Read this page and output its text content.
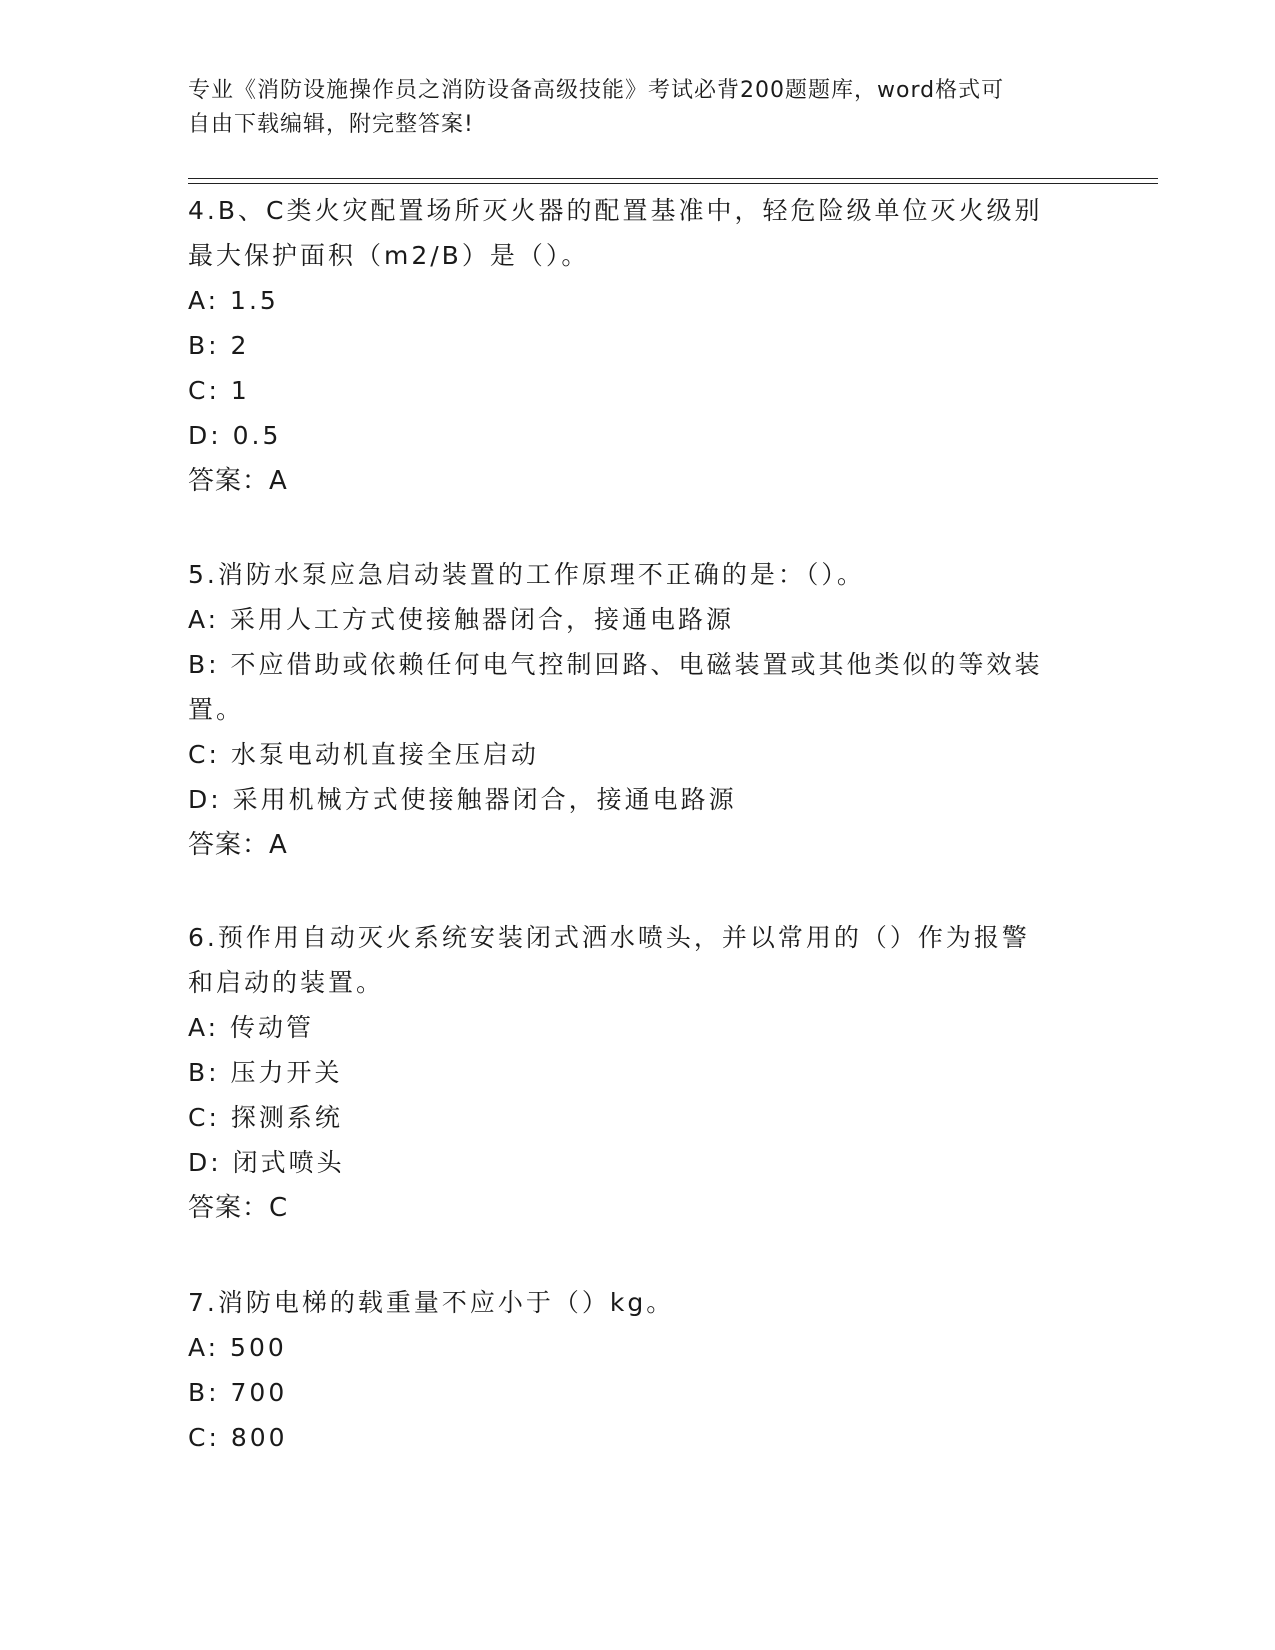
专业《消防设施操作员之消防设备高级技能》考试必背200题题库，word格式可
自由下载编辑，附完整答案!
4.B、C类火灾配置场所灭火器的配置基准中，轻危险级单位灭火级别
最大保护面积（m2/B）是（）。
A: 1.5
B: 2
C: 1
D: 0.5
答案：A
5.消防水泵应急启动装置的工作原理不正确的是：（）。
A: 采用人工方式使接触器闭合，接通电路源
B: 不应借助或依赖任何电气控制回路、电磁装置或其他类似的等效装
置。
C: 水泵电动机直接全压启动
D: 采用机械方式使接触器闭合，接通电路源
答案：A
6.预作用自动灭火系统安装闭式洒水喷头，并以常用的（）作为报警
和启动的装置。
A: 传动管
B: 压力开关
C: 探测系统
D: 闭式喷头
答案：C
7.消防电梯的载重量不应小于（）kg。
A: 500
B: 700
C: 800
